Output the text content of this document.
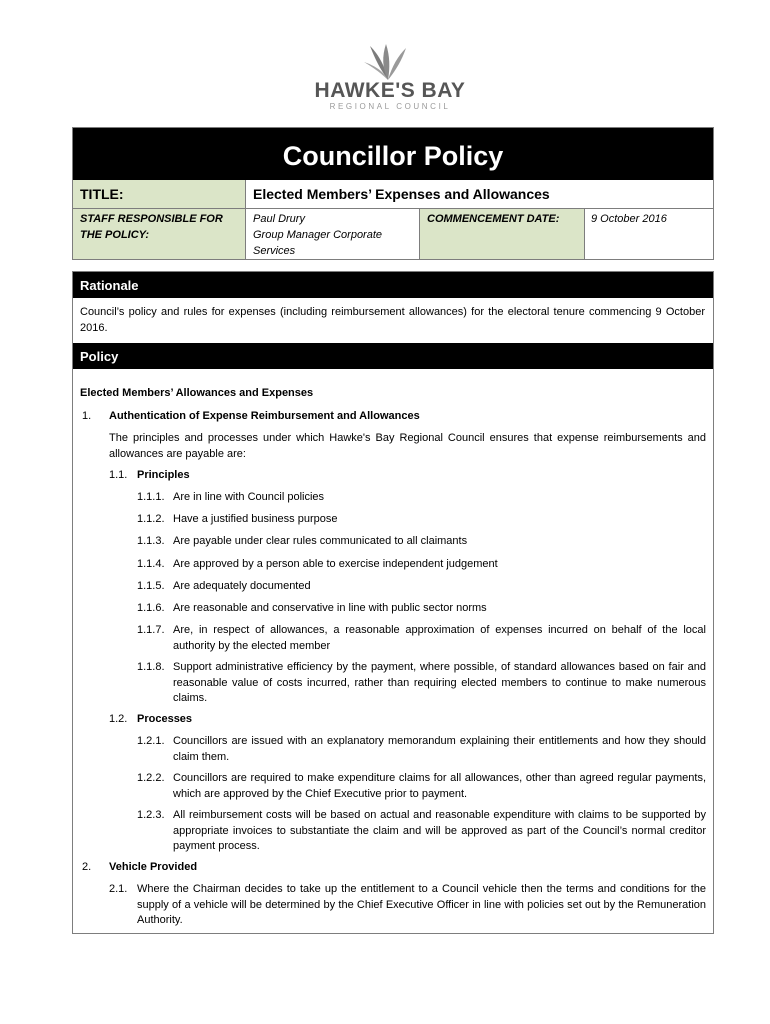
HAWKE'S BAY
REGIONAL COUNCIL
Councillor Policy
TITLE:	Elected Members’ Expenses and Allowances
STAFF RESPONSIBLE FOR THE POLICY:
Paul Drury
Group Manager Corporate Services
COMMENCEMENT DATE:	9 October 2016
Rationale
Council’s policy and rules for expenses (including reimbursement allowances) for the electoral tenure commencing 9 October 2016.
Policy
Elected Members’ Allowances and Expenses
1. Authentication of Expense Reimbursement and Allowances
The principles and processes under which Hawke's Bay Regional Council ensures that expense reimbursements and allowances are payable are:
1.1. Principles
1.1.1. Are in line with Council policies
1.1.2. Have a justified business purpose
1.1.3. Are payable under clear rules communicated to all claimants
1.1.4. Are approved by a person able to exercise independent judgement
1.1.5. Are adequately documented
1.1.6. Are reasonable and conservative in line with public sector norms
1.1.7. Are, in respect of allowances, a reasonable approximation of expenses incurred on behalf of the local authority by the elected member
1.1.8. Support administrative efficiency by the payment, where possible, of standard allowances based on fair and reasonable value of costs incurred, rather than requiring elected members to continue to make numerous claims.
1.2. Processes
1.2.1. Councillors are issued with an explanatory memorandum explaining their entitlements and how they should claim them.
1.2.2. Councillors are required to make expenditure claims for all allowances, other than agreed regular payments, which are approved by the Chief Executive prior to payment.
1.2.3. All reimbursement costs will be based on actual and reasonable expenditure with claims to be supported by appropriate invoices to substantiate the claim and will be approved as part of the Council’s normal creditor payment process.
2. Vehicle Provided
2.1. Where the Chairman decides to take up the entitlement to a Council vehicle then the terms and conditions for the supply of a vehicle will be determined by the Chief Executive Officer in line with policies set out by the Remuneration Authority.
